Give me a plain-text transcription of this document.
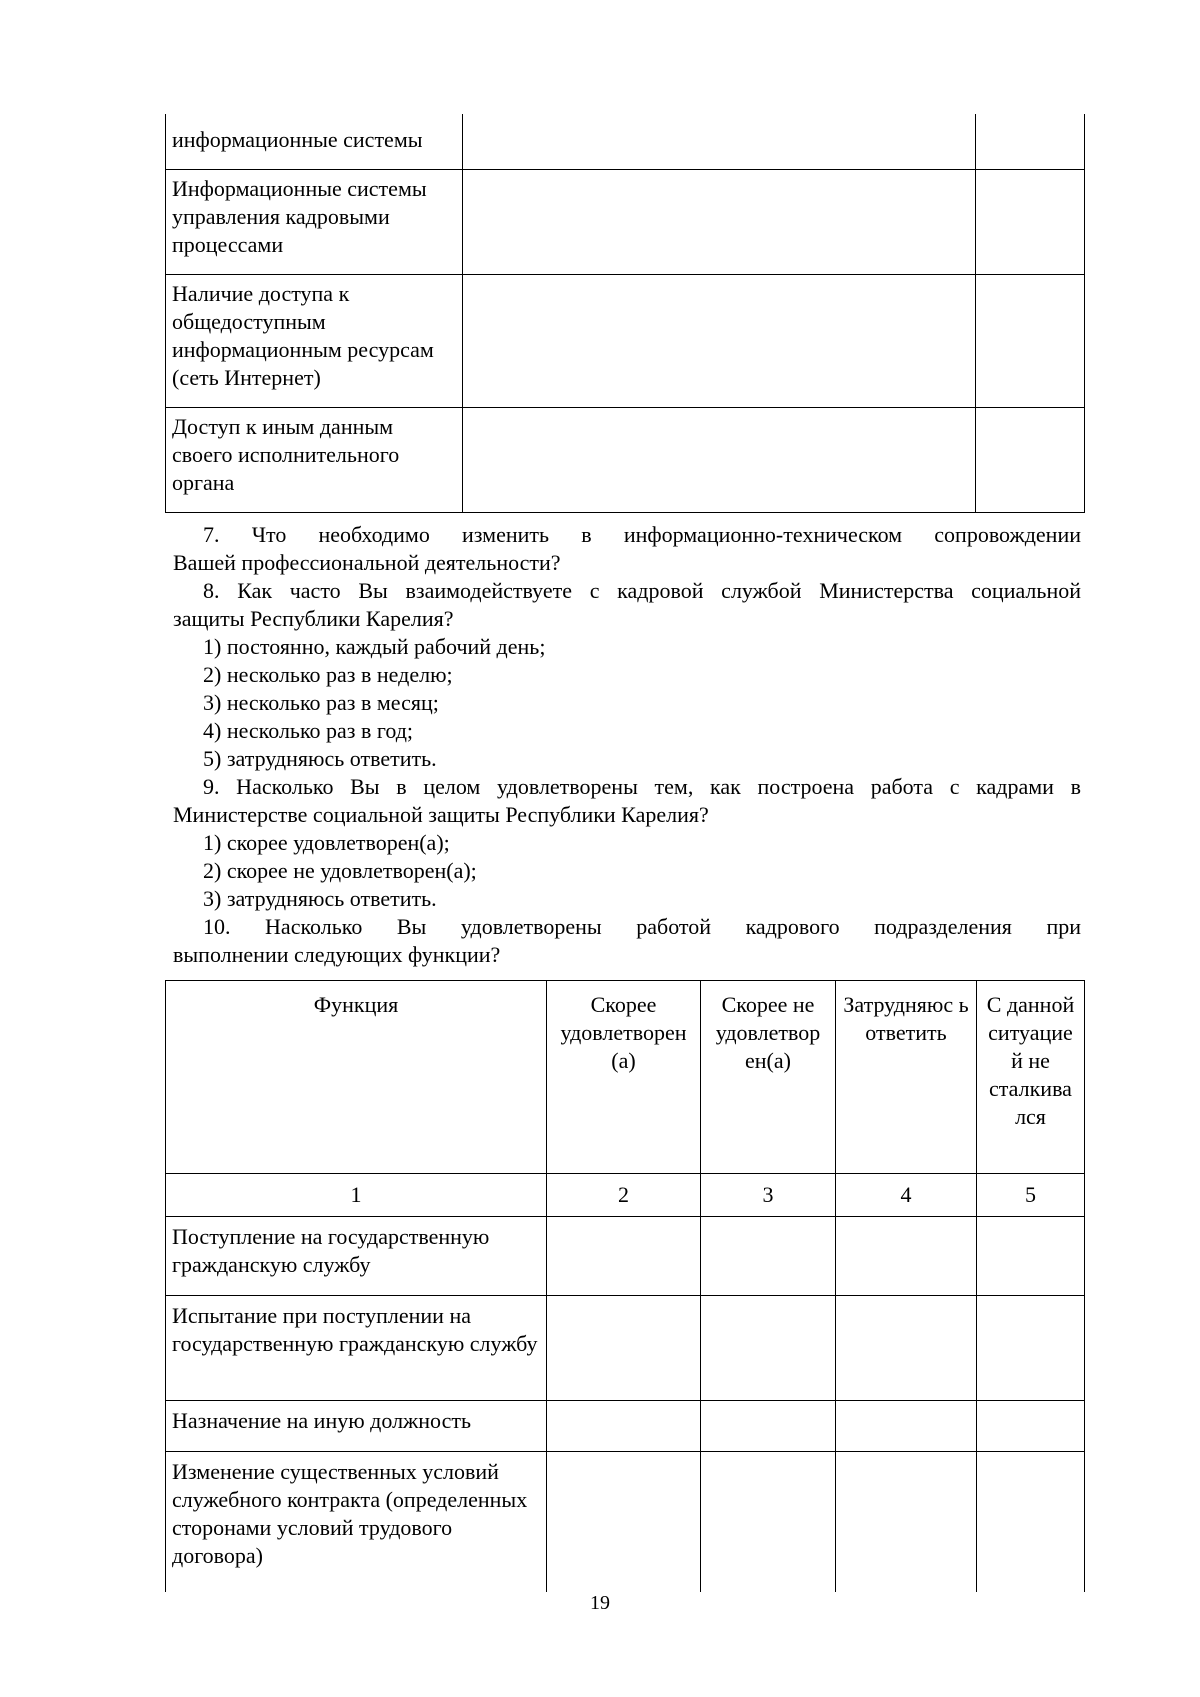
информационные системы		
Информационные системы управления кадровыми процессами		
Наличие доступа к общедоступным информационным ресурсам (сеть Интернет)		
Доступ к иным данным своего исполнительного органа		

7. Что необходимо изменить в информационно-техническом сопровождении

Вашей профессиональной деятельности?

8. Как часто Вы взаимодействуете с кадровой службой Министерства социальной

защиты Республики Карелия?

1) постоянно, каждый рабочий день;

2) несколько раз в неделю;

3) несколько раз в месяц;

4) несколько раз в год;

5) затрудняюсь ответить.

9. Насколько Вы в целом удовлетворены тем, как построена работа с кадрами в

Министерстве социальной защиты Республики Карелия?

1) скорее удовлетворен(а);

2) скорее не удовлетворен(а);

3) затрудняюсь ответить.

10. Насколько Вы удовлетворены работой кадрового подразделения при

выполнении следующих функции?

Функция	Скорее удовлетворен (а)	Скорее не удовлетвор ен(а)	Затрудняюс ь ответить	С данной ситуацие й не сталкива лся
1	2	3	4	5
Поступление на государственную гражданскую службу				
Испытание при поступлении на государственную гражданскую службу				
Назначение на иную должность				
Изменение существенных условий служебного контракта (определенных сторонами условий трудового договора)				
19
